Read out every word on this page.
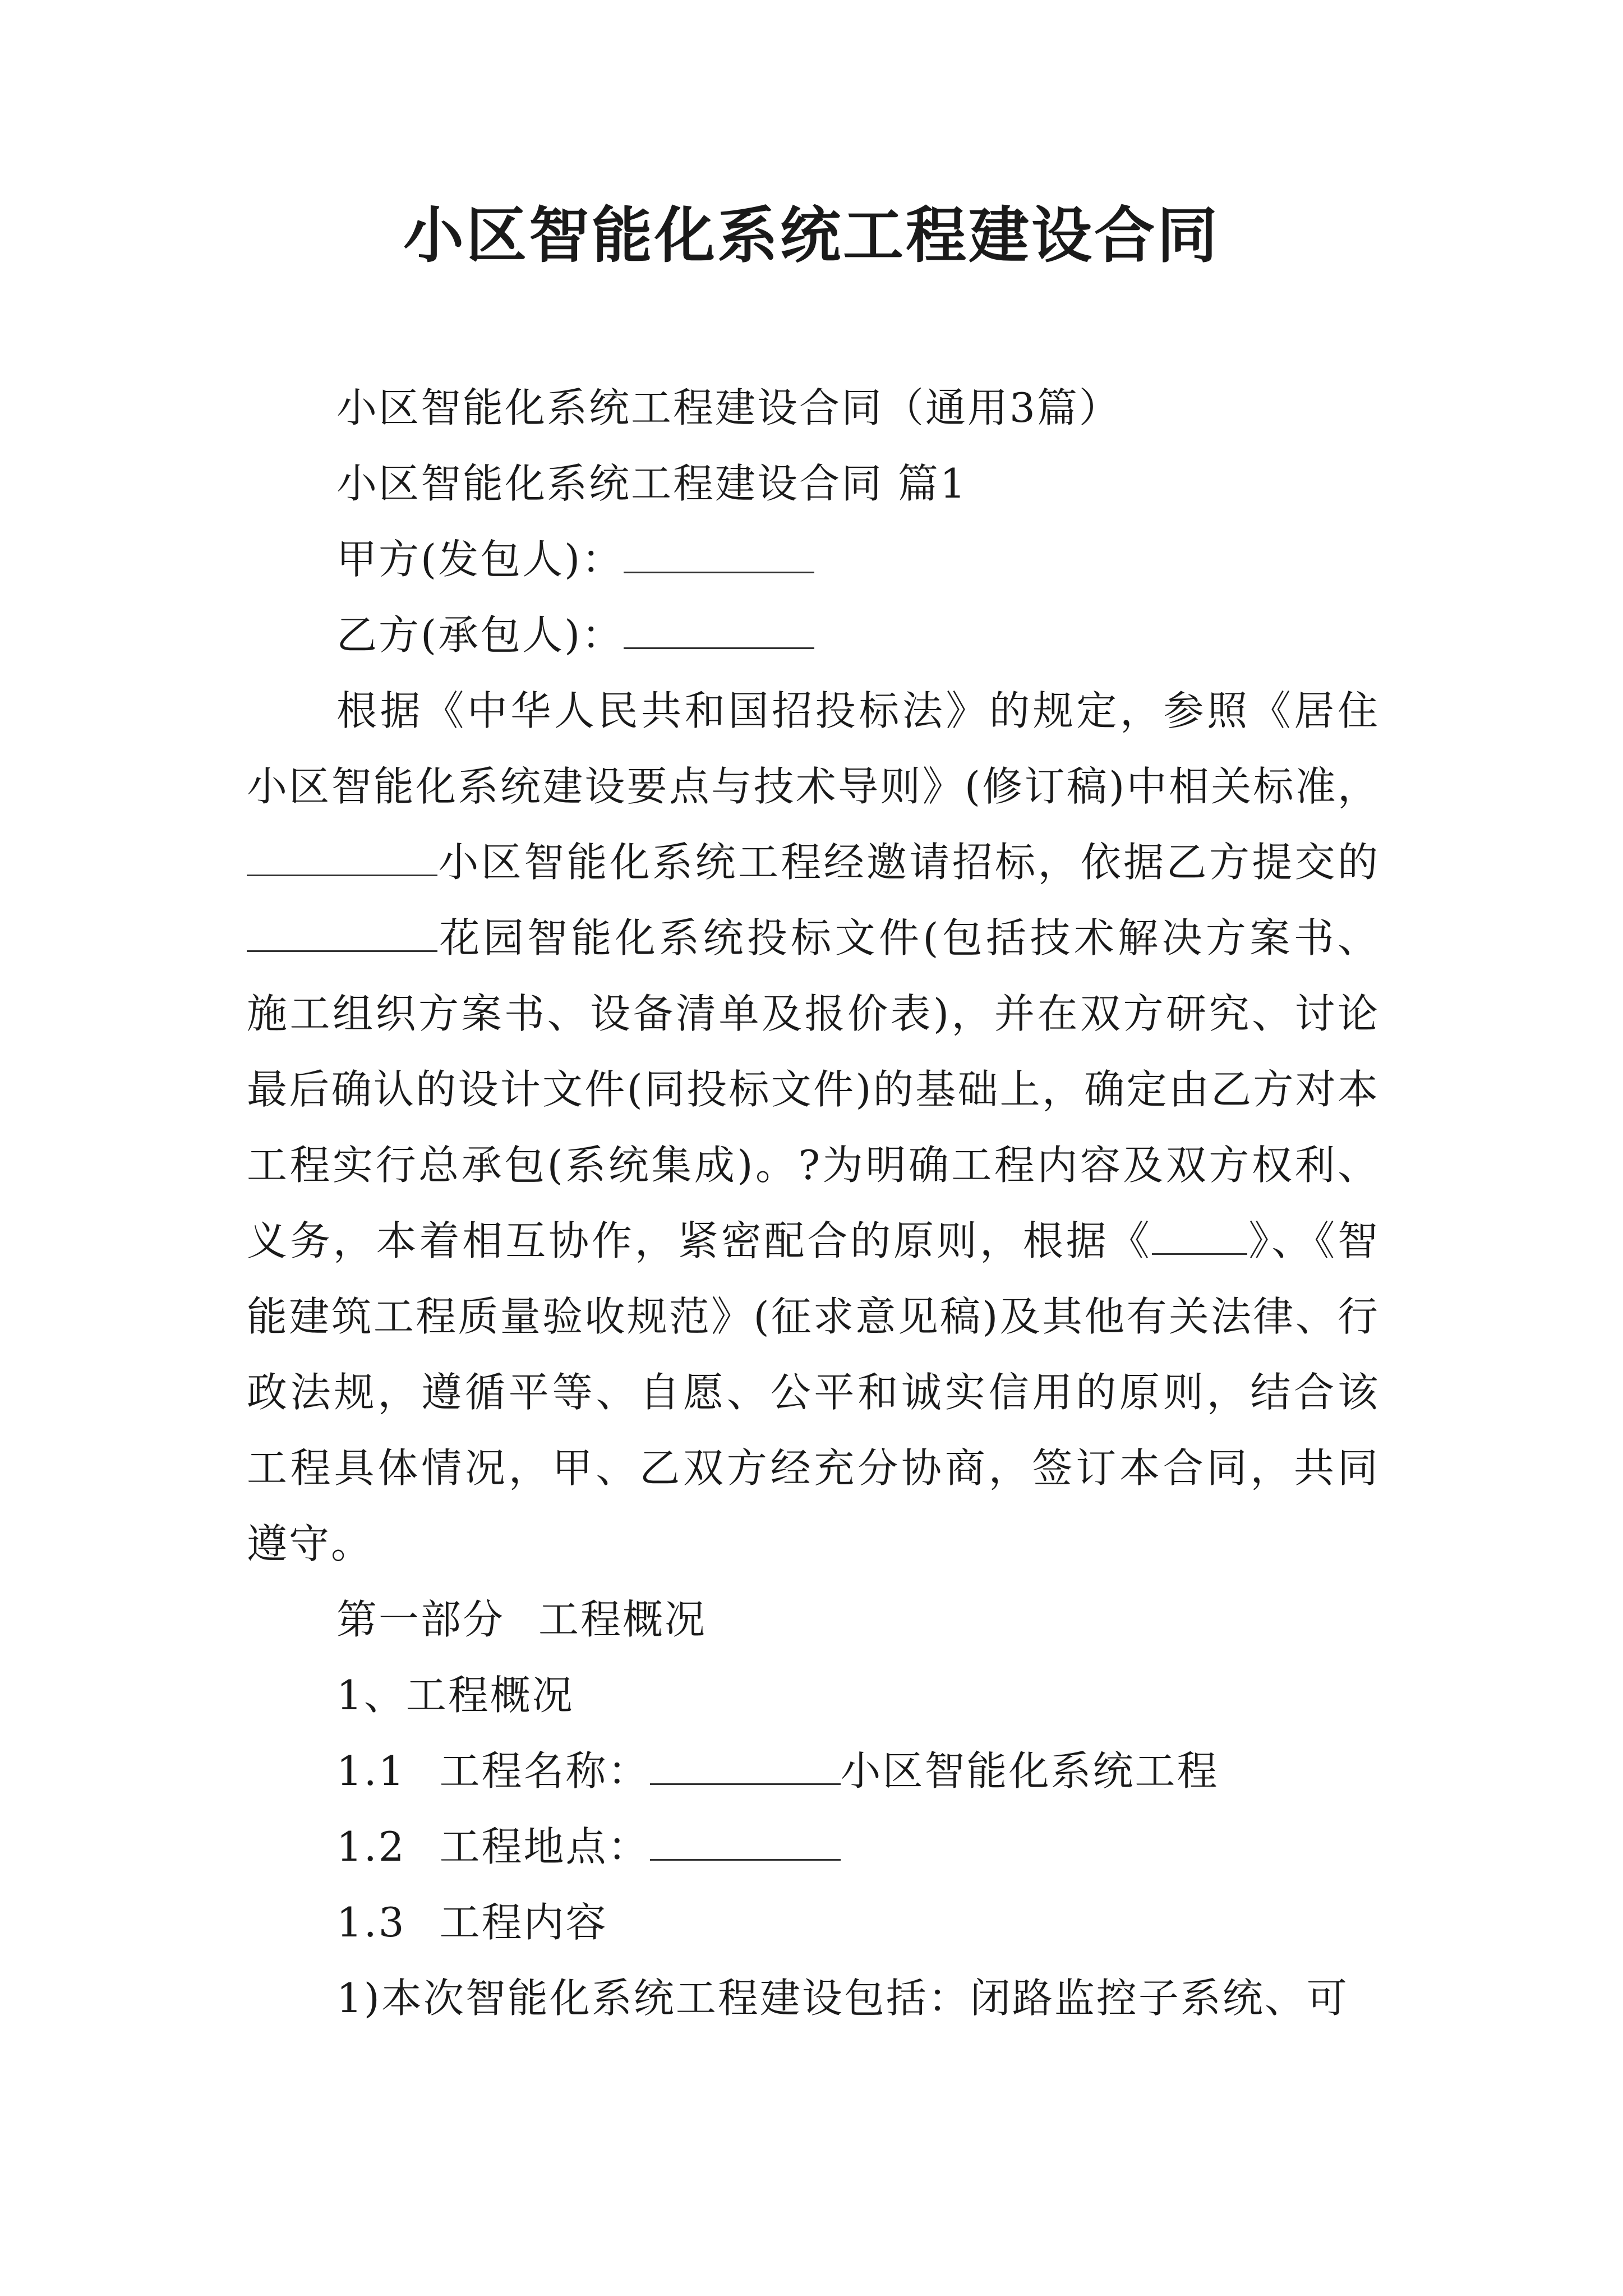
小区智能化系统工程建设合同

小区智能化系统工程建设合同（通用3篇）

小区智能化系统工程建设合同 篇1

甲方(发包人)：

乙方(承包人)：

根据《中华人民共和国招投标法》的规定，参照《居住小区智能化系统建设要点与技术导则》(修订稿)中相关标准，小区智能化系统工程经邀请招标，依据乙方提交的花园智能化系统投标文件(包括技术解决方案书、施工组织方案书、设备清单及报价表)，并在双方研究、讨论最后确认的设计文件(同投标文件)的基础上，确定由乙方对本工程实行总承包(系统集成)。?为明确工程内容及双方权利、义务，本着相互协作，紧密配合的原则，根据《 》、《智能建筑工程质量验收规范》(征求意见稿)及其他有关法律、行政法规，遵循平等、自愿、公平和诚实信用的原则，结合该工程具体情况，甲、乙双方经充分协商，签订本合同，共同遵守。

第一部分 工程概况

1、工程概况

1.1 工程名称：	小区智能化系统工程

1.2 工程地点：

1.3 工程内容

1)本次智能化系统工程建设包括：闭路监控子系统、可
